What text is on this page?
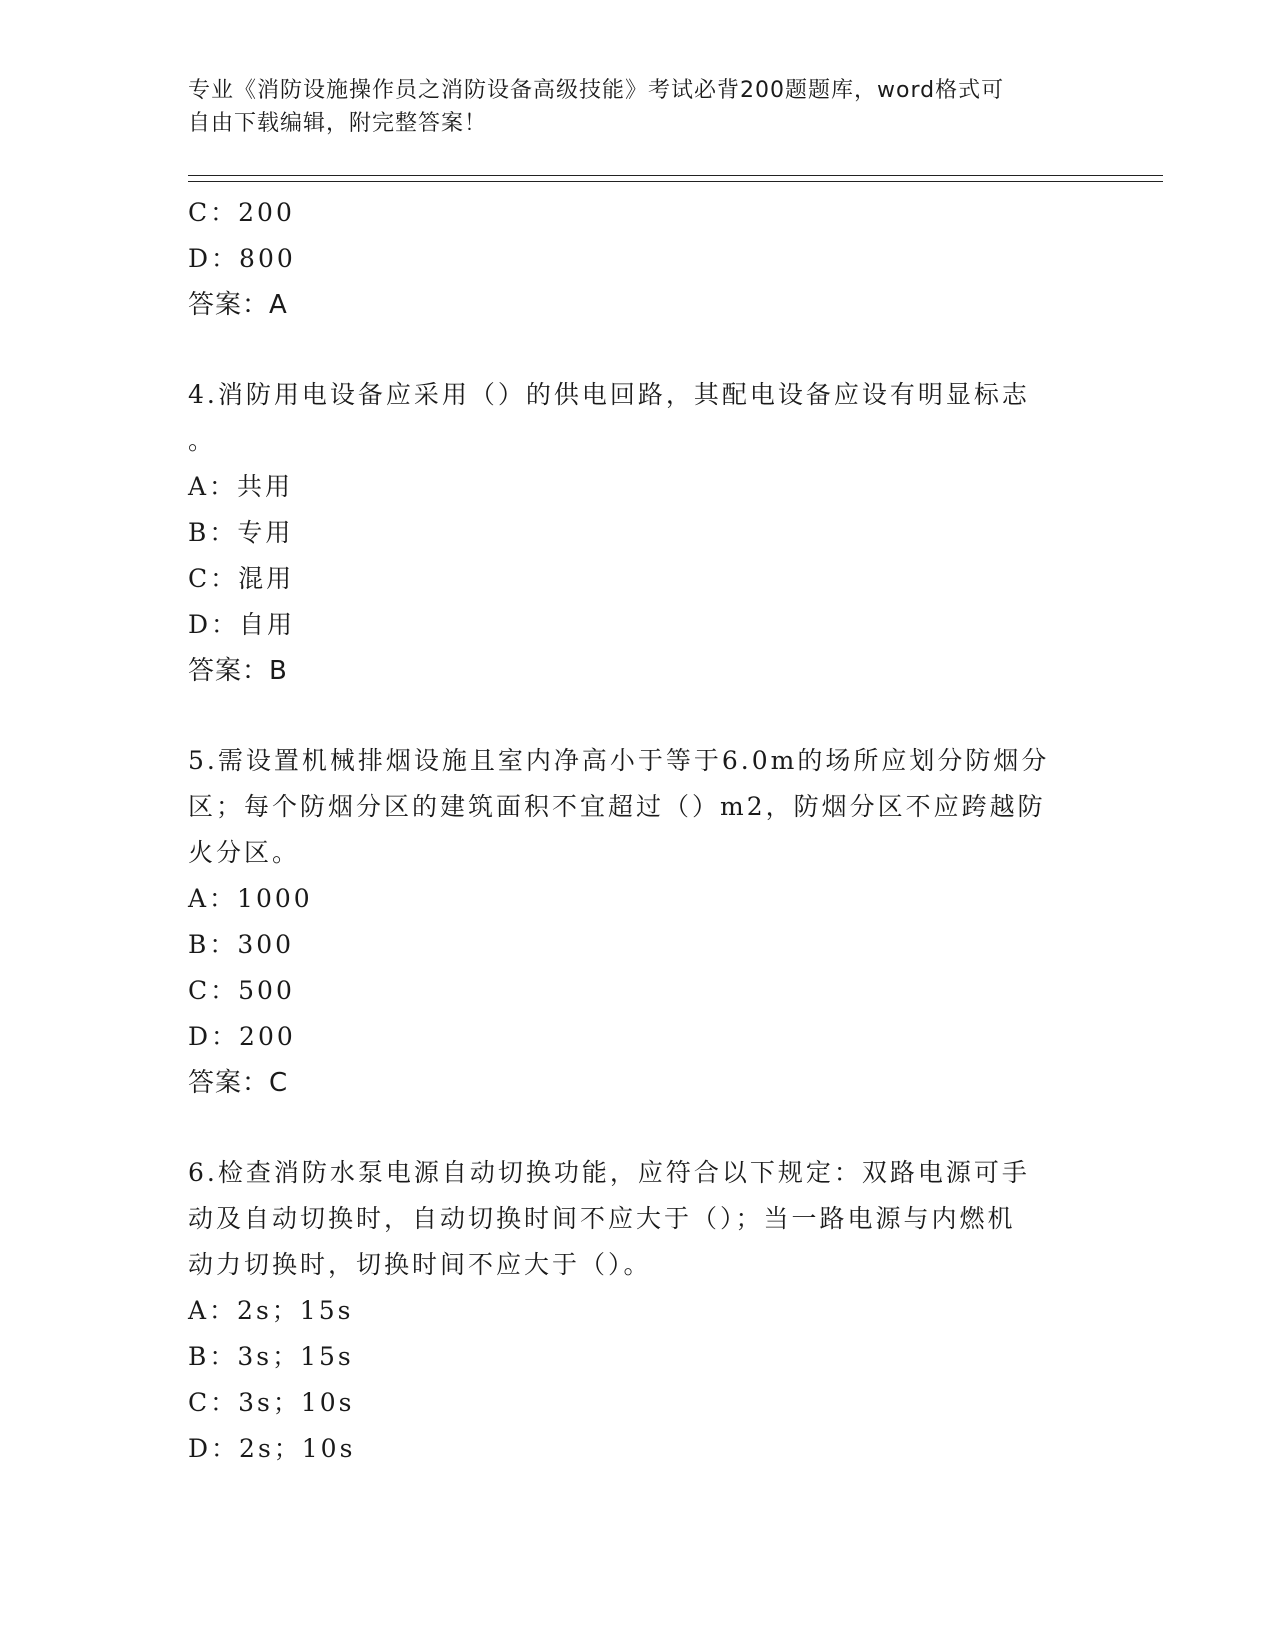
专业《消防设施操作员之消防设备高级技能》考试必背200题题库，word格式可
自由下载编辑，附完整答案！
C：200
D：800
答案：A
4.消防用电设备应采用（）的供电回路，其配电设备应设有明显标志
。
A：共用
B：专用
C：混用
D：自用
答案：B
5.需设置机械排烟设施且室内净高小于等于6.0m的场所应划分防烟分
区；每个防烟分区的建筑面积不宜超过（）m2，防烟分区不应跨越防
火分区。
A：1000
B：300
C：500
D：200
答案：C
6.检查消防水泵电源自动切换功能，应符合以下规定：双路电源可手
动及自动切换时，自动切换时间不应大于（）；当一路电源与内燃机
动力切换时，切换时间不应大于（）。
A：2s；15s
B：3s；15s
C：3s；10s
D：2s；10s
